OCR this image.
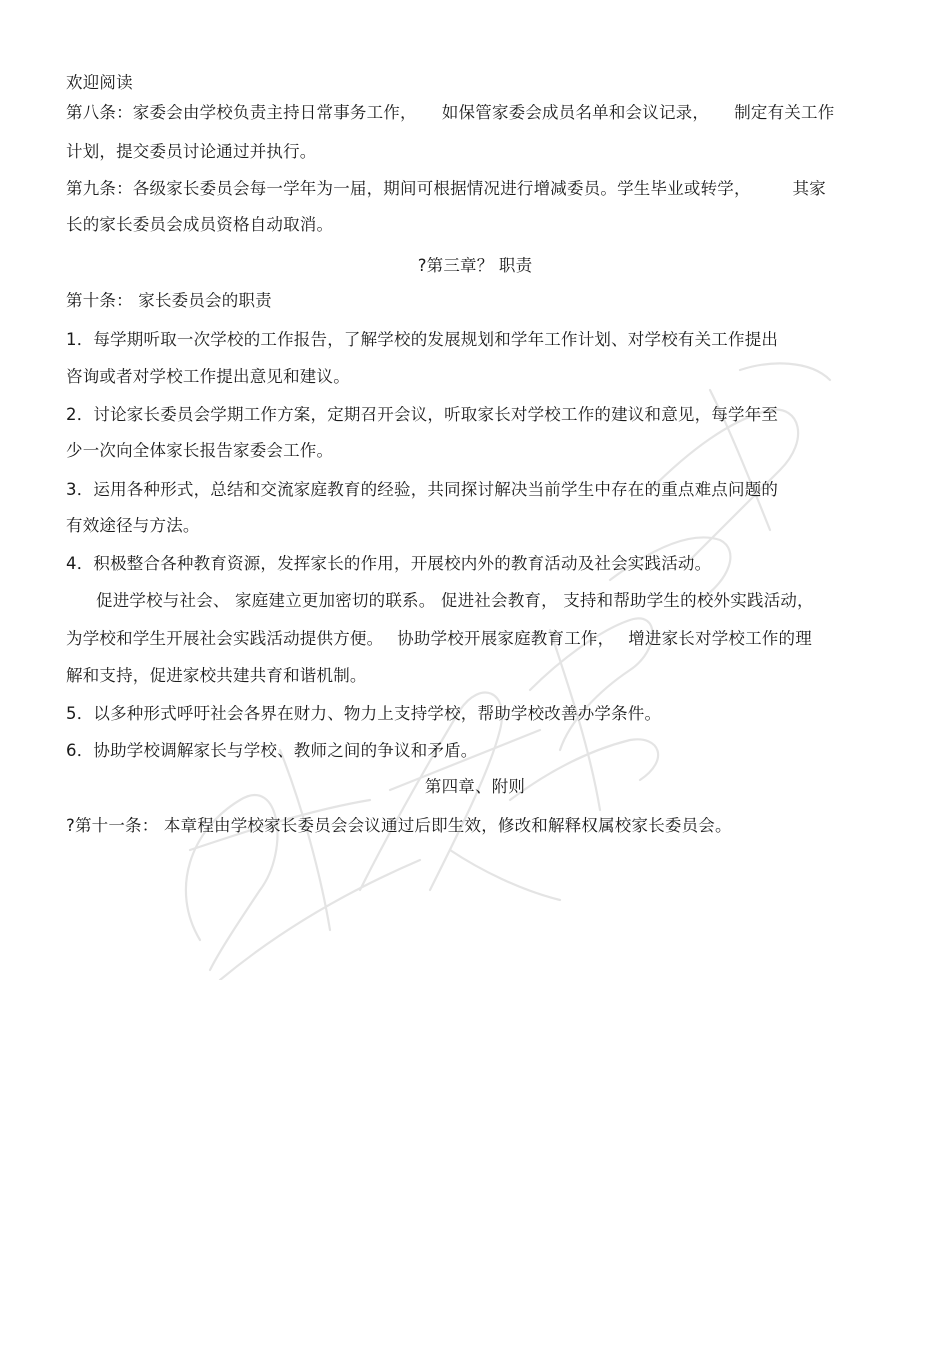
欢迎阅读
第八条：家委会由学校负责主持日常事务工作，　　如保管家委会成员名单和会议记录，　　制定有关工作
计划，提交委员讨论通过并执行。
第九条：各级家长委员会每一学年为一届，期间可根据情况进行增减委员。学生毕业或转学，　　　其家
长的家长委员会成员资格自动取消。
?第三章？ 职责
第十条： 家长委员会的职责
1．每学期听取一次学校的工作报告，了解学校的发展规划和学年工作计划、对学校有关工作提出
咨询或者对学校工作提出意见和建议。
2．讨论家长委员会学期工作方案，定期召开会议，听取家长对学校工作的建议和意见，每学年至
少一次向全体家长报告家委会工作。
3．运用各种形式，总结和交流家庭教育的经验，共同探讨解决当前学生中存在的重点难点问题的
有效途径与方法。
4．积极整合各种教育资源，发挥家长的作用，开展校内外的教育活动及社会实践活动。
促进学校与社会、 家庭建立更加密切的联系。 促进社会教育， 支持和帮助学生的校外实践活动，
为学校和学生开展社会实践活动提供方便。　 协助学校开展家庭教育工作，　 增进家长对学校工作的理
解和支持，促进家校共建共育和谐机制。
5．以多种形式呼吁社会各界在财力、物力上支持学校，帮助学校改善办学条件。
6．协助学校调解家长与学校、教师之间的争议和矛盾。
第四章、附则
?第十一条： 本章程由学校家长委员会会议通过后即生效，修改和解释权属校家长委员会。
